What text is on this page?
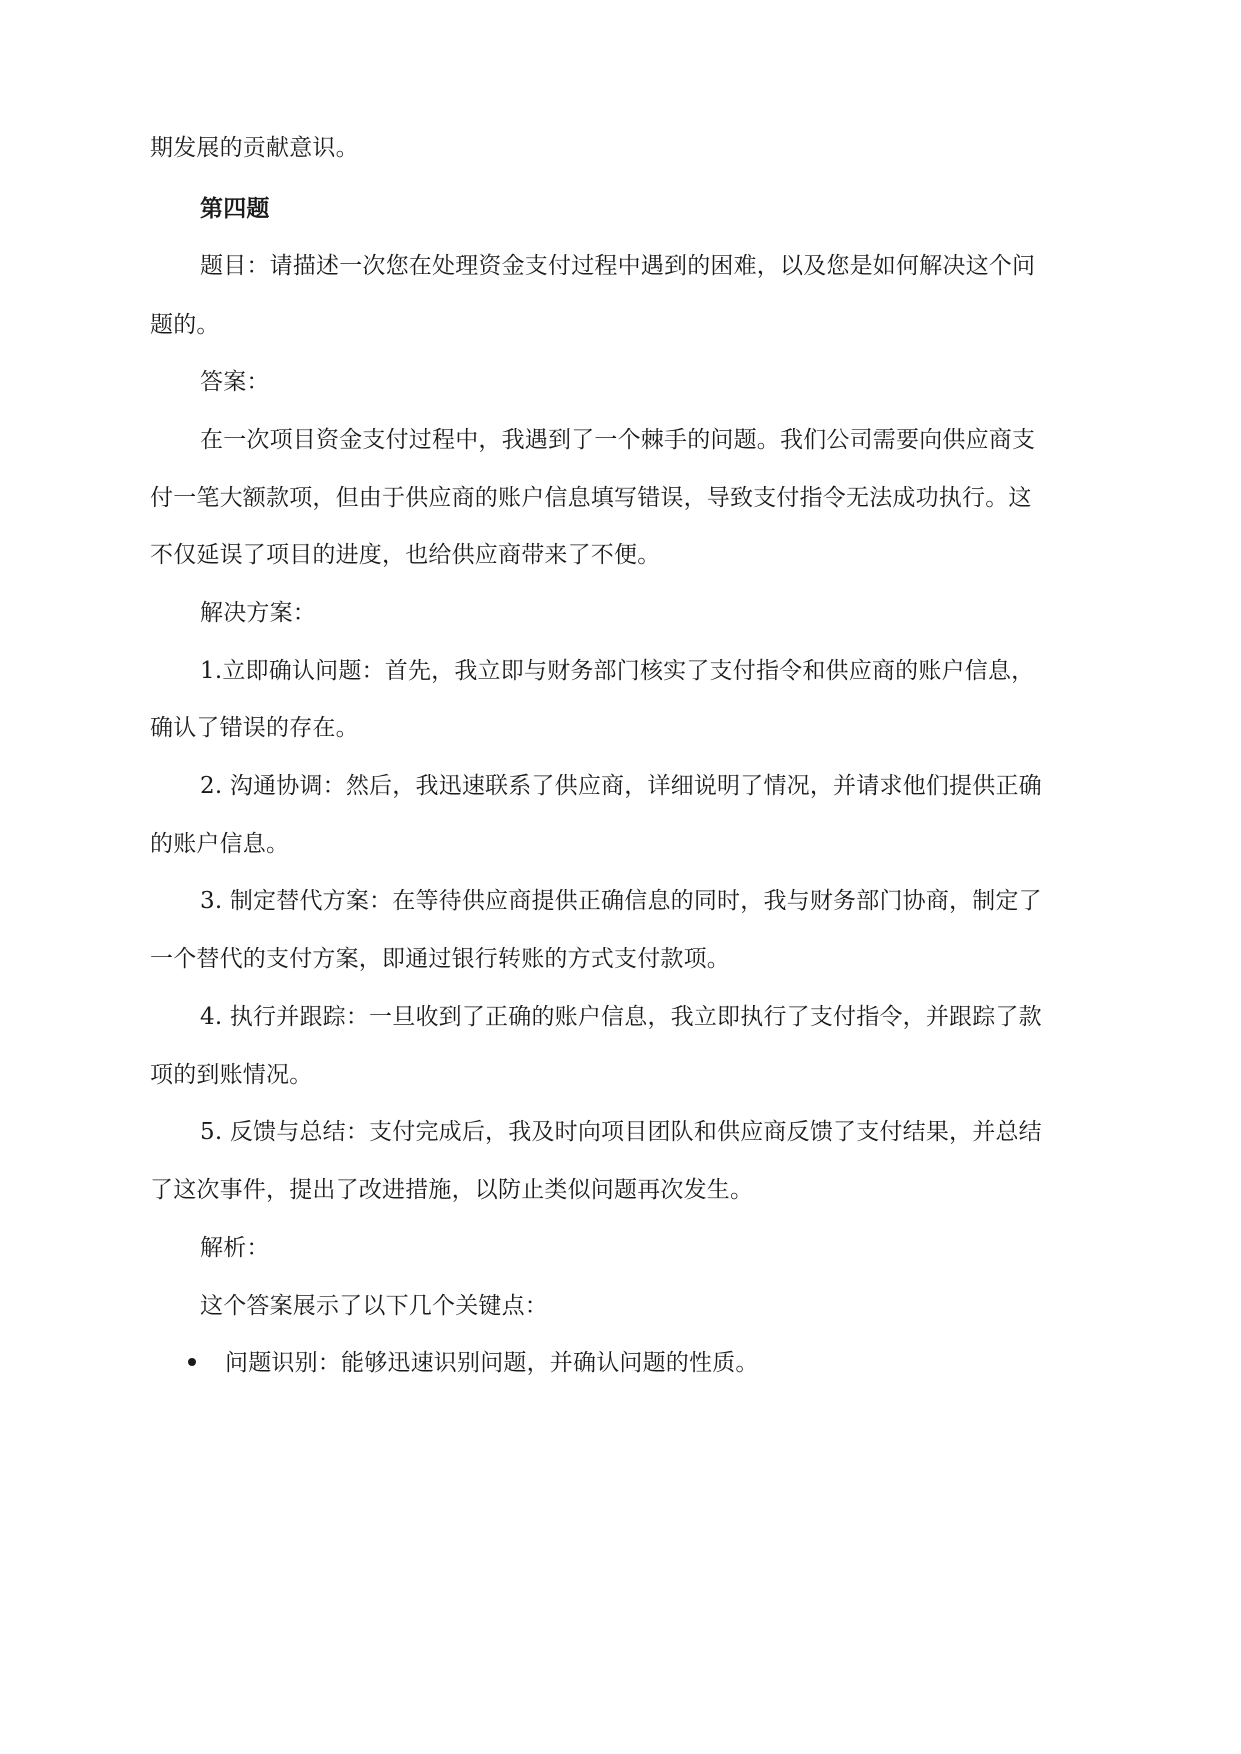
期发展的贡献意识。
第四题
题目：请描述一次您在处理资金支付过程中遇到的困难，以及您是如何解决这个问
题的。
答案：
在一次项目资金支付过程中，我遇到了一个棘手的问题。我们公司需要向供应商支
付一笔大额款项，但由于供应商的账户信息填写错误，导致支付指令无法成功执行。这
不仅延误了项目的进度，也给供应商带来了不便。
解决方案：
1.立即确认问题：首先，我立即与财务部门核实了支付指令和供应商的账户信息，
确认了错误的存在。
2. 沟通协调：然后，我迅速联系了供应商，详细说明了情况，并请求他们提供正确
的账户信息。
3. 制定替代方案：在等待供应商提供正确信息的同时，我与财务部门协商，制定了
一个替代的支付方案，即通过银行转账的方式支付款项。
4. 执行并跟踪：一旦收到了正确的账户信息，我立即执行了支付指令，并跟踪了款
项的到账情况。
5. 反馈与总结：支付完成后，我及时向项目团队和供应商反馈了支付结果，并总结
了这次事件，提出了改进措施，以防止类似问题再次发生。
解析：
这个答案展示了以下几个关键点：
问题识别：能够迅速识别问题，并确认问题的性质。
